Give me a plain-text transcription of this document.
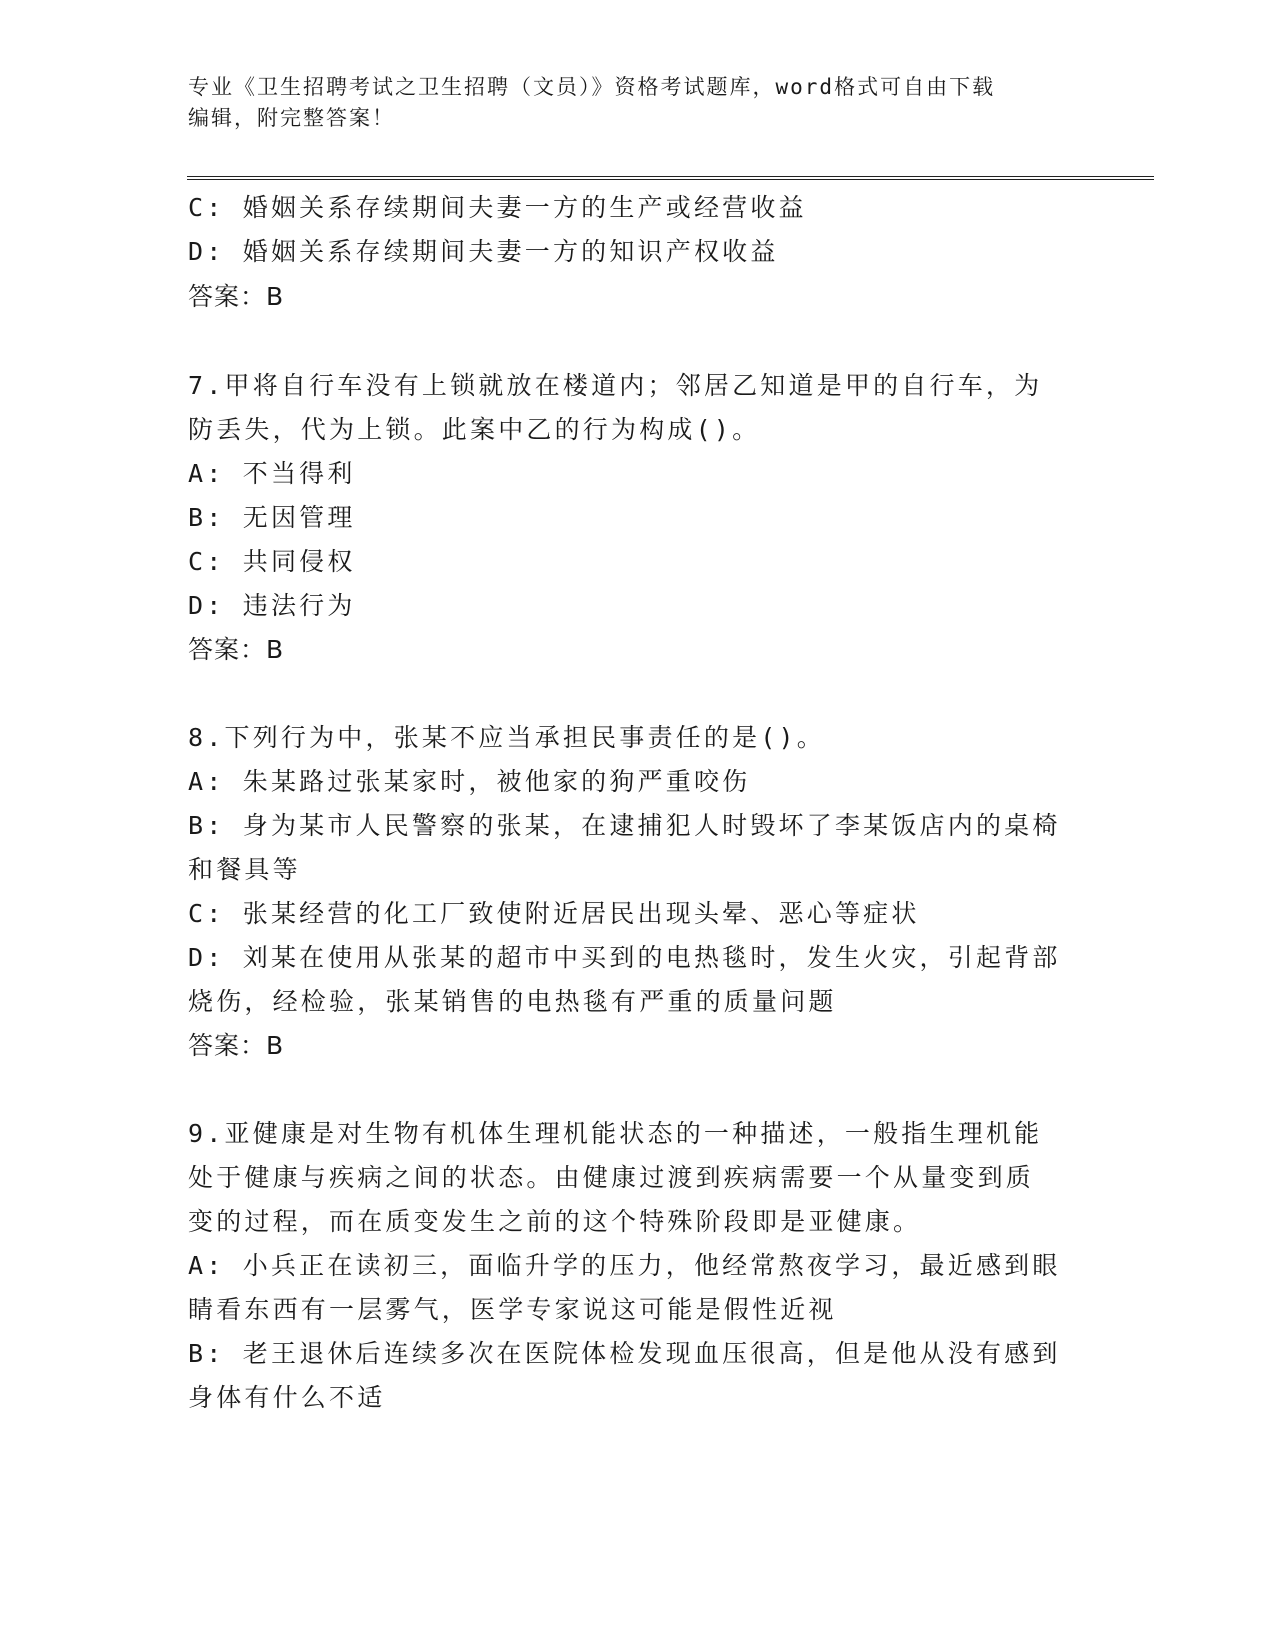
专业《卫生招聘考试之卫生招聘（文员）》资格考试题库，word格式可自由下载
编辑，附完整答案！
C: 婚姻关系存续期间夫妻一方的生产或经营收益
D: 婚姻关系存续期间夫妻一方的知识产权收益
答案：B
7.甲将自行车没有上锁就放在楼道内；邻居乙知道是甲的自行车，为
防丢失，代为上锁。此案中乙的行为构成()。
A: 不当得利
B: 无因管理
C: 共同侵权
D: 违法行为
答案：B
8.下列行为中，张某不应当承担民事责任的是()。
A: 朱某路过张某家时，被他家的狗严重咬伤
B: 身为某市人民警察的张某，在逮捕犯人时毁坏了李某饭店内的桌椅
和餐具等
C: 张某经营的化工厂致使附近居民出现头晕、恶心等症状
D: 刘某在使用从张某的超市中买到的电热毯时，发生火灾，引起背部
烧伤，经检验，张某销售的电热毯有严重的质量问题
答案：B
9.亚健康是对生物有机体生理机能状态的一种描述，一般指生理机能
处于健康与疾病之间的状态。由健康过渡到疾病需要一个从量变到质
变的过程，而在质变发生之前的这个特殊阶段即是亚健康。
A: 小兵正在读初三，面临升学的压力，他经常熬夜学习，最近感到眼
睛看东西有一层雾气，医学专家说这可能是假性近视
B: 老王退休后连续多次在医院体检发现血压很高，但是他从没有感到
身体有什么不适
